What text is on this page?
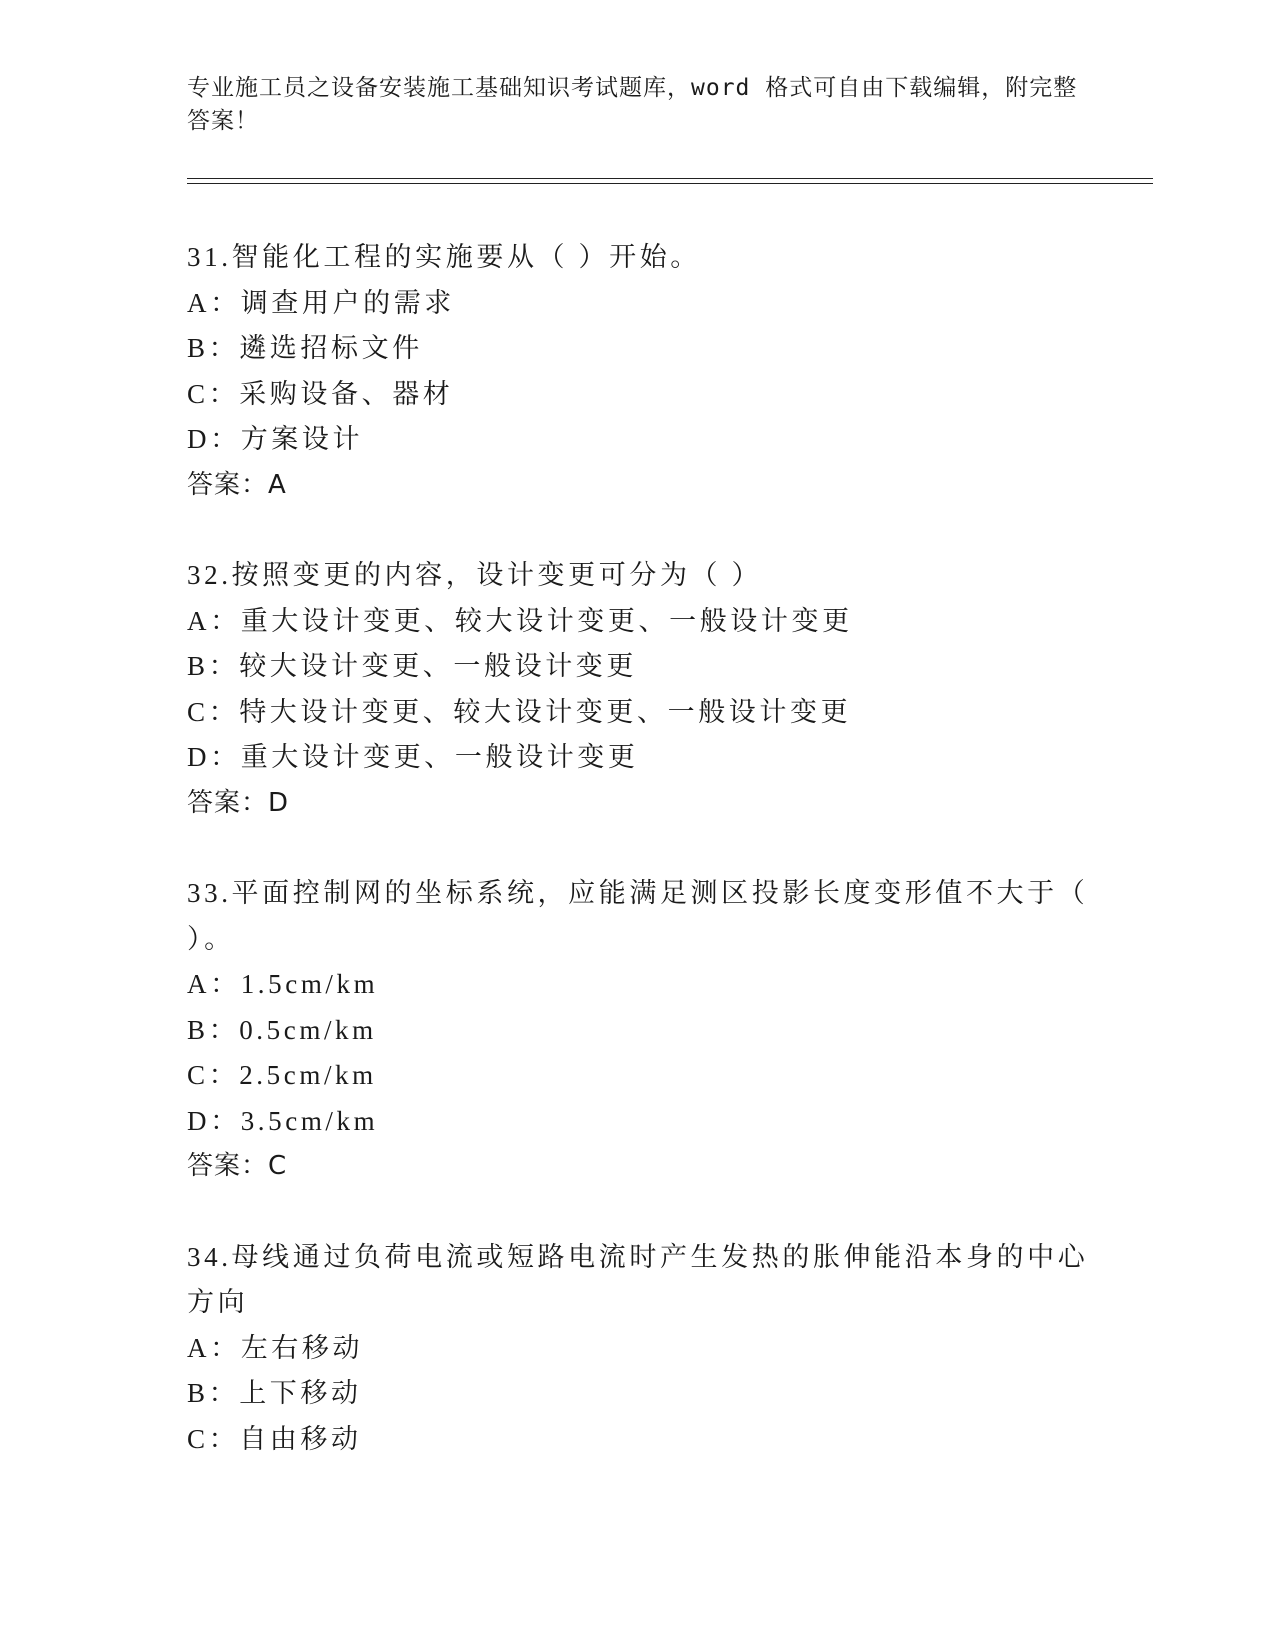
专业施工员之设备安装施工基础知识考试题库，word 格式可自由下载编辑，附完整答案！
31.智能化工程的实施要从（ ）开始。
A：调查用户的需求
B：遴选招标文件
C：采购设备、器材
D：方案设计
答案：A
32.按照变更的内容，设计变更可分为（ ）
A：重大设计变更、较大设计变更、一般设计变更
B：较大设计变更、一般设计变更
C：特大设计变更、较大设计变更、一般设计变更
D：重大设计变更、一般设计变更
答案：D
33.平面控制网的坐标系统，应能满足测区投影长度变形值不大于（ ）。
A：1.5cm/km
B：0.5cm/km
C：2.5cm/km
D：3.5cm/km
答案：C
34.母线通过负荷电流或短路电流时产生发热的胀伸能沿本身的中心方向
A：左右移动
B：上下移动
C：自由移动
